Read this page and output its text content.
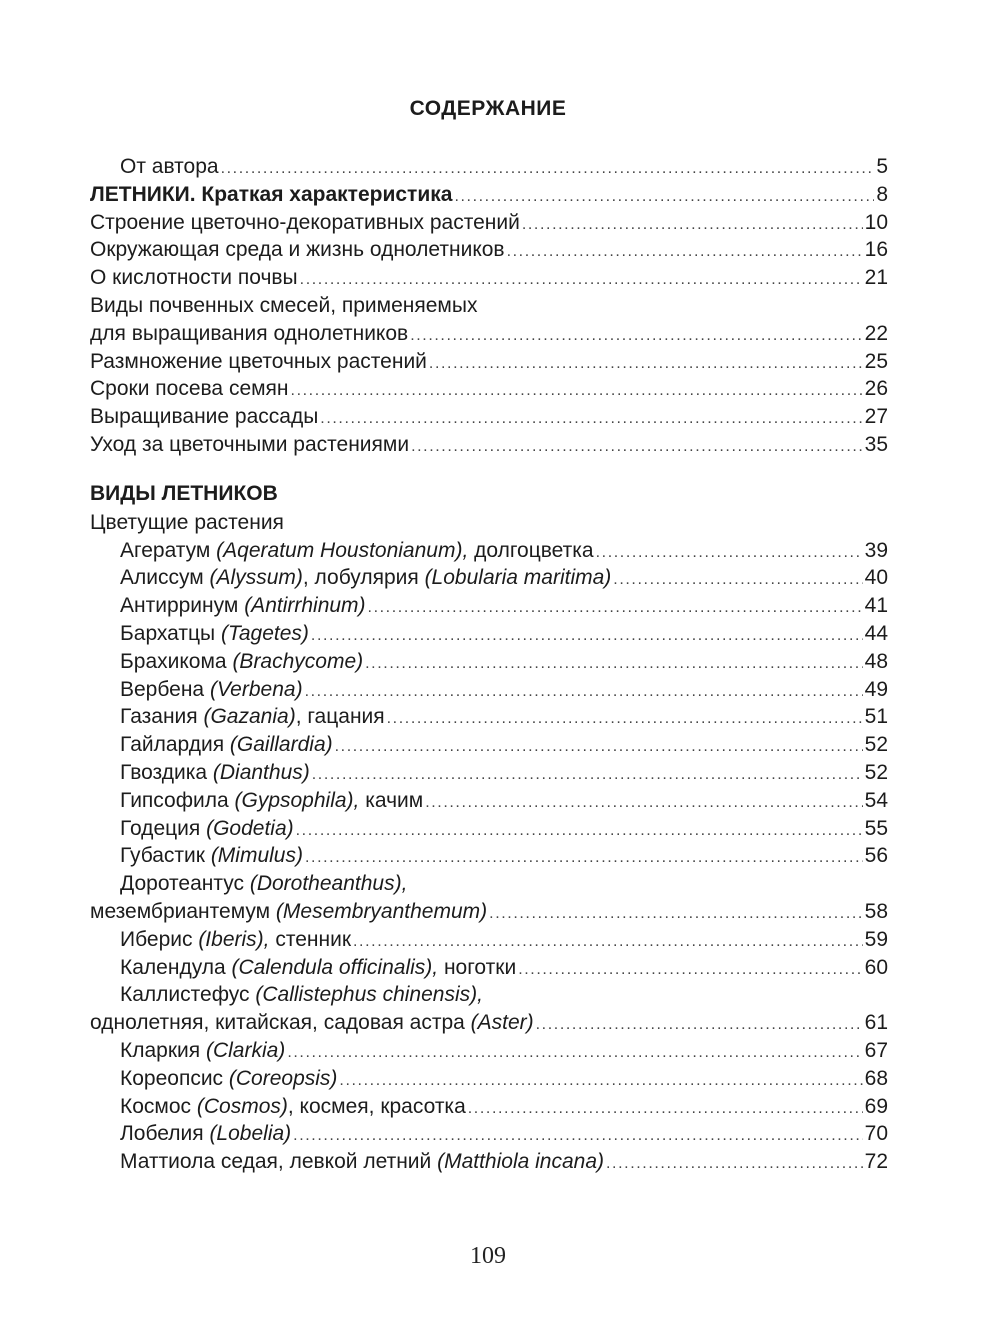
СОДЕРЖАНИЕ
От автора .....	5
ЛЕТНИКИ. Краткая характеристика .....	8
Строение цветочно-декоративных растений .....	10
Окружающая среда и жизнь однолетников .....	16
О кислотности почвы .....	21
Виды почвенных смесей, применяемых
для выращивания однолетников .....	22
Размножение цветочных растений .....	25
Сроки посева семян .....	26
Выращивание рассады .....	27
Уход за цветочными растениями .....	35
ВИДЫ ЛЕТНИКОВ
Цветущие растения
Агератум (Aqeratum Houstonianum), долгоцветка .....	39
Алиссум (Alyssum), лобулярия (Lobularia maritima) .....	40
Антирринум (Antirrhinum) .....	41
Бархатцы (Tagetes) .....	44
Брахикома (Brachycome) .....	48
Вербена (Verbena) .....	49
Газания (Gazania), гацания .....	51
Гайлардия (Gaillardia) .....	52
Гвоздика (Dianthus) .....	52
Гипсофила (Gypsophila), качим .....	54
Годеция (Godetia) .....	55
Губастик (Mimulus) .....	56
Доротеантус (Dorotheanthus),
мезембриантемум (Mesembryanthemum) .....	58
Иберис (Iberis), стенник .....	59
Календула (Calendula officinalis), ноготки .....	60
Каллистефус (Callistephus chinensis),
однолетняя, китайская, садовая астра (Aster) .....	61
Кларкия (Clarkia) .....	67
Кореопсис (Coreopsis) .....	68
Космос (Cosmos), космея, красотка .....	69
Лобелия (Lobelia) .....	70
Маттиола седая, левкой летний (Matthiola incana) .....	72
109
